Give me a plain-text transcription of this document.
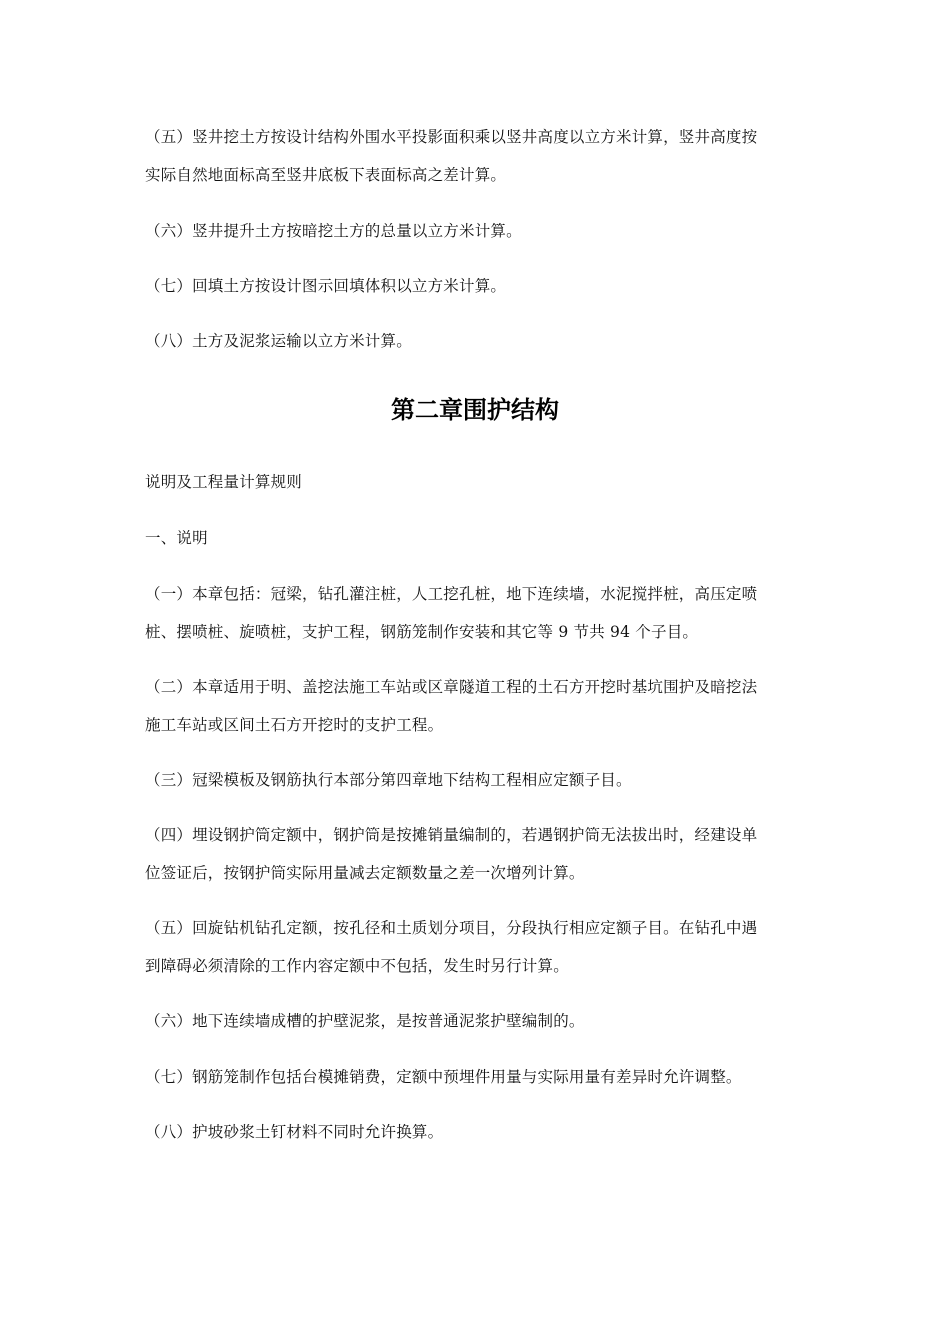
（五）竖井挖土方按设计结构外围水平投影面积乘以竖井高度以立方米计算，竖井高度按
实际自然地面标高至竖井底板下表面标高之差计算。
（六）竖井提升土方按暗挖土方的总量以立方米计算。
（七）回填土方按设计图示回填体积以立方米计算。
（八）土方及泥浆运输以立方米计算。
第二章围护结构
说明及工程量计算规则
一、说明
（一）本章包括：冠梁，钻孔灌注桩，人工挖孔桩，地下连续墙，水泥搅拌桩，高压定喷
桩、摆喷桩、旋喷桩，支护工程，钢筋笼制作安装和其它等 9 节共 94 个子目。
（二）本章适用于明、盖挖法施工车站或区章隧道工程的土石方开挖时基坑围护及暗挖法
施工车站或区间土石方开挖时的支护工程。
（三）冠梁模板及钢筋执行本部分第四章地下结构工程相应定额子目。
（四）埋设钢护筒定额中，钢护筒是按摊销量编制的，若遇钢护筒无法拔出时，经建设单
位签证后，按钢护筒实际用量减去定额数量之差一次增列计算。
（五）回旋钻机钻孔定额，按孔径和土质划分项目，分段执行相应定额子目。在钻孔中遇
到障碍必须清除的工作内容定额中不包括，发生时另行计算。
（六）地下连续墙成槽的护壁泥浆，是按普通泥浆护壁编制的。
（七）钢筋笼制作包括台模摊销费，定额中预埋件用量与实际用量有差异时允许调整。
（八）护坡砂浆土钉材料不同时允许换算。
